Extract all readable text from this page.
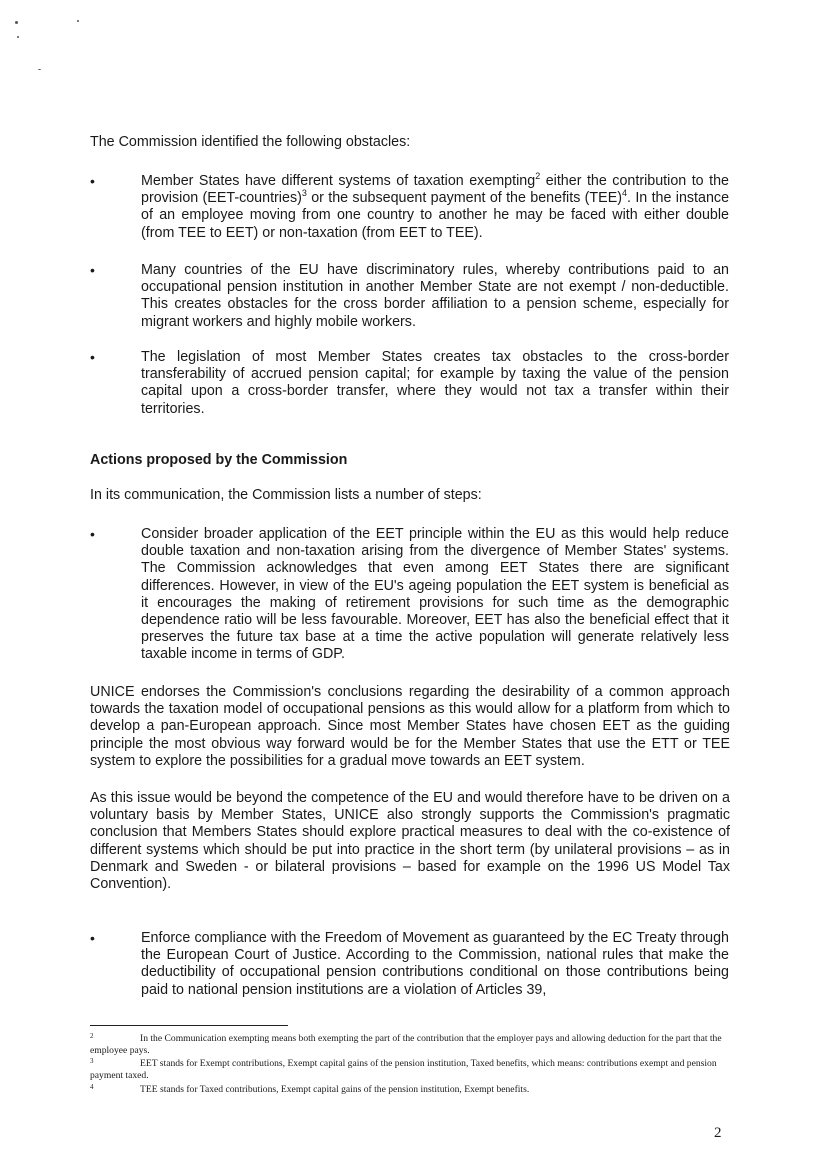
The Commission identified the following obstacles:

•	Member States have different systems of taxation exempting$^2$ either the contribution to the provision (EET-countries)$^3$ or the subsequent payment of the benefits (TEE)$^4$. In the instance of an employee moving from one country to another he may be faced with either double (from TEE to EET) or non-taxation (from EET to TEE).

•	Many countries of the EU have discriminatory rules, whereby contributions paid to an occupational pension institution in another Member State are not exempt / non-deductible. This creates obstacles for the cross border affiliation to a pension scheme, especially for migrant workers and highly mobile workers.

•	The legislation of most Member States creates tax obstacles to the cross-border transferability of accrued pension capital; for example by taxing the value of the pension capital upon a cross-border transfer, where they would not tax a transfer within their territories.

Actions proposed by the Commission

In its communication, the Commission lists a number of steps:

•	Consider broader application of the EET principle within the EU as this would help reduce double taxation and non-taxation arising from the divergence of Member States' systems. The Commission acknowledges that even among EET States there are significant differences. However, in view of the EU's ageing population the EET system is beneficial as it encourages the making of retirement provisions for such time as the demographic dependence ratio will be less favourable. Moreover, EET has also the beneficial effect that it preserves the future tax base at a time the active population will generate relatively less taxable income in terms of GDP.

UNICE endorses the Commission's conclusions regarding the desirability of a common approach towards the taxation model of occupational pensions as this would allow for a platform from which to develop a pan-European approach. Since most Member States have chosen EET as the guiding principle the most obvious way forward would be for the Member States that use the ETT or TEE system to explore the possibilities for a gradual move towards an EET system.

As this issue would be beyond the competence of the EU and would therefore have to be driven on a voluntary basis by Member States, UNICE also strongly supports the Commission's pragmatic conclusion that Members States should explore practical measures to deal with the co-existence of different systems which should be put into practice in the short term (by unilateral provisions – as in Denmark and Sweden - or bilateral provisions – based for example on the 1996 US Model Tax Convention).

•	Enforce compliance with the Freedom of Movement as guaranteed by the EC Treaty through the European Court of Justice. According to the Commission, national rules that make the deductibility of occupational pension contributions conditional on those contributions being paid to national pension institutions are a violation of Articles 39,

2	In the Communication exempting means both exempting the part of the contribution that the employer pays and allowing deduction for the part that the employee pays.

3	EET stands for Exempt contributions, Exempt capital gains of the pension institution, Taxed benefits, which means: contributions exempt and pension payment taxed.

4	TEE stands for Taxed contributions, Exempt capital gains of the pension institution, Exempt benefits.

2
